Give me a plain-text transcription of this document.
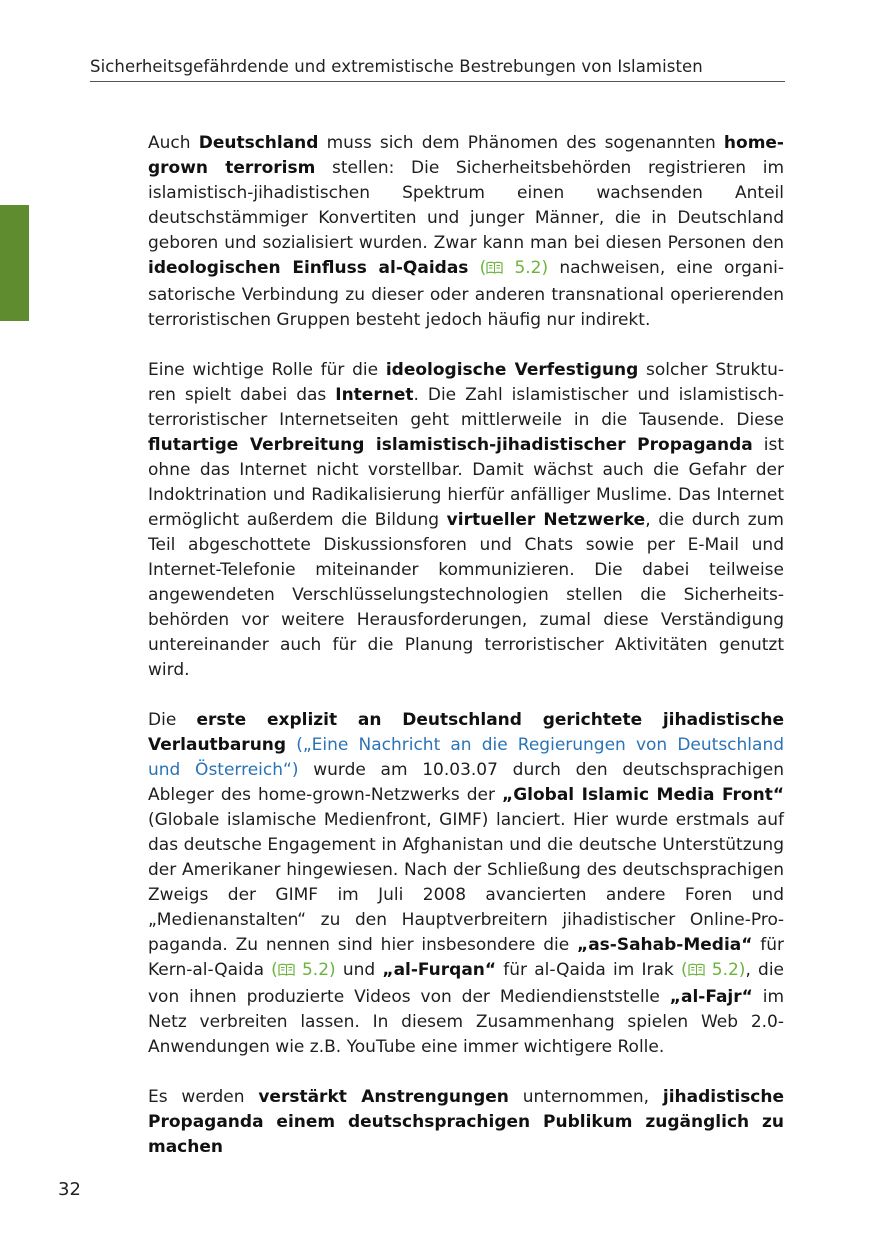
Sicherheitsgefährdende und extremistische Bestrebungen von Islamisten

Auch Deutschland muss sich dem Phänomen des sogenannten home-grown terrorism stellen: Die Sicherheitsbehörden registrieren im islamistisch-jihadistischen Spektrum einen wachsenden Anteil deutschstämmiger Konvertiten und junger Männer, die in Deutschland geboren und sozialisiert wurden. Zwar kann man bei diesen Personen den ideologischen Einfluss al-Qaidas ( 5.2) nachweisen, eine organisatorische Verbindung zu dieser oder anderen transnational operierenden terroristischen Gruppen besteht jedoch häufig nur indirekt.

Eine wichtige Rolle für die ideologische Verfestigung solcher Strukturen spielt dabei das Internet. Die Zahl islamistischer und islamistisch-terroristischer Internetseiten geht mittlerweile in die Tausende. Diese flutartige Verbreitung islamistisch-jihadistischer Propaganda ist ohne das Internet nicht vorstellbar. Damit wächst auch die Gefahr der Indoktrination und Radikalisierung hierfür anfälliger Muslime. Das Internet ermöglicht außerdem die Bildung virtueller Netzwerke, die durch zum Teil abgeschottete Diskussionsforen und Chats sowie per E-Mail und Internet-Telefonie miteinander kommunizieren. Die dabei teilweise angewendeten Verschlüsselungstechnologien stellen die Sicherheitsbehörden vor weitere Herausforderungen, zumal diese Verständigung untereinander auch für die Planung terroristischer Aktivitäten genutzt wird.

Die erste explizit an Deutschland gerichtete jihadistische Verlautbarung („Eine Nachricht an die Regierungen von Deutschland und Österreich“) wurde am 10.03.07 durch den deutschsprachigen Ableger des home-grown-Netzwerks der „Global Islamic Media Front“ (Globale islamische Medienfront, GIMF) lanciert. Hier wurde erstmals auf das deutsche Engagement in Afghanistan und die deutsche Unterstützung der Amerikaner hingewiesen. Nach der Schließung des deutschsprachigen Zweigs der GIMF im Juli 2008 avancierten andere Foren und „Medienanstalten“ zu den Hauptverbreitern jihadistischer Online-Propaganda. Zu nennen sind hier insbesondere die „as-Sahab-Media“ für Kern-al-Qaida ( 5.2) und „al-Furqan“ für al-Qaida im Irak ( 5.2), die von ihnen produzierte Videos von der Mediendienststelle „al-Fajr“ im Netz verbreiten lassen. In diesem Zusammenhang spielen Web 2.0-Anwendungen wie z.B. YouTube eine immer wichtigere Rolle.

Es werden verstärkt Anstrengungen unternommen, jihadistische Propaganda einem deutschsprachigen Publikum zugänglich zu machen

32
